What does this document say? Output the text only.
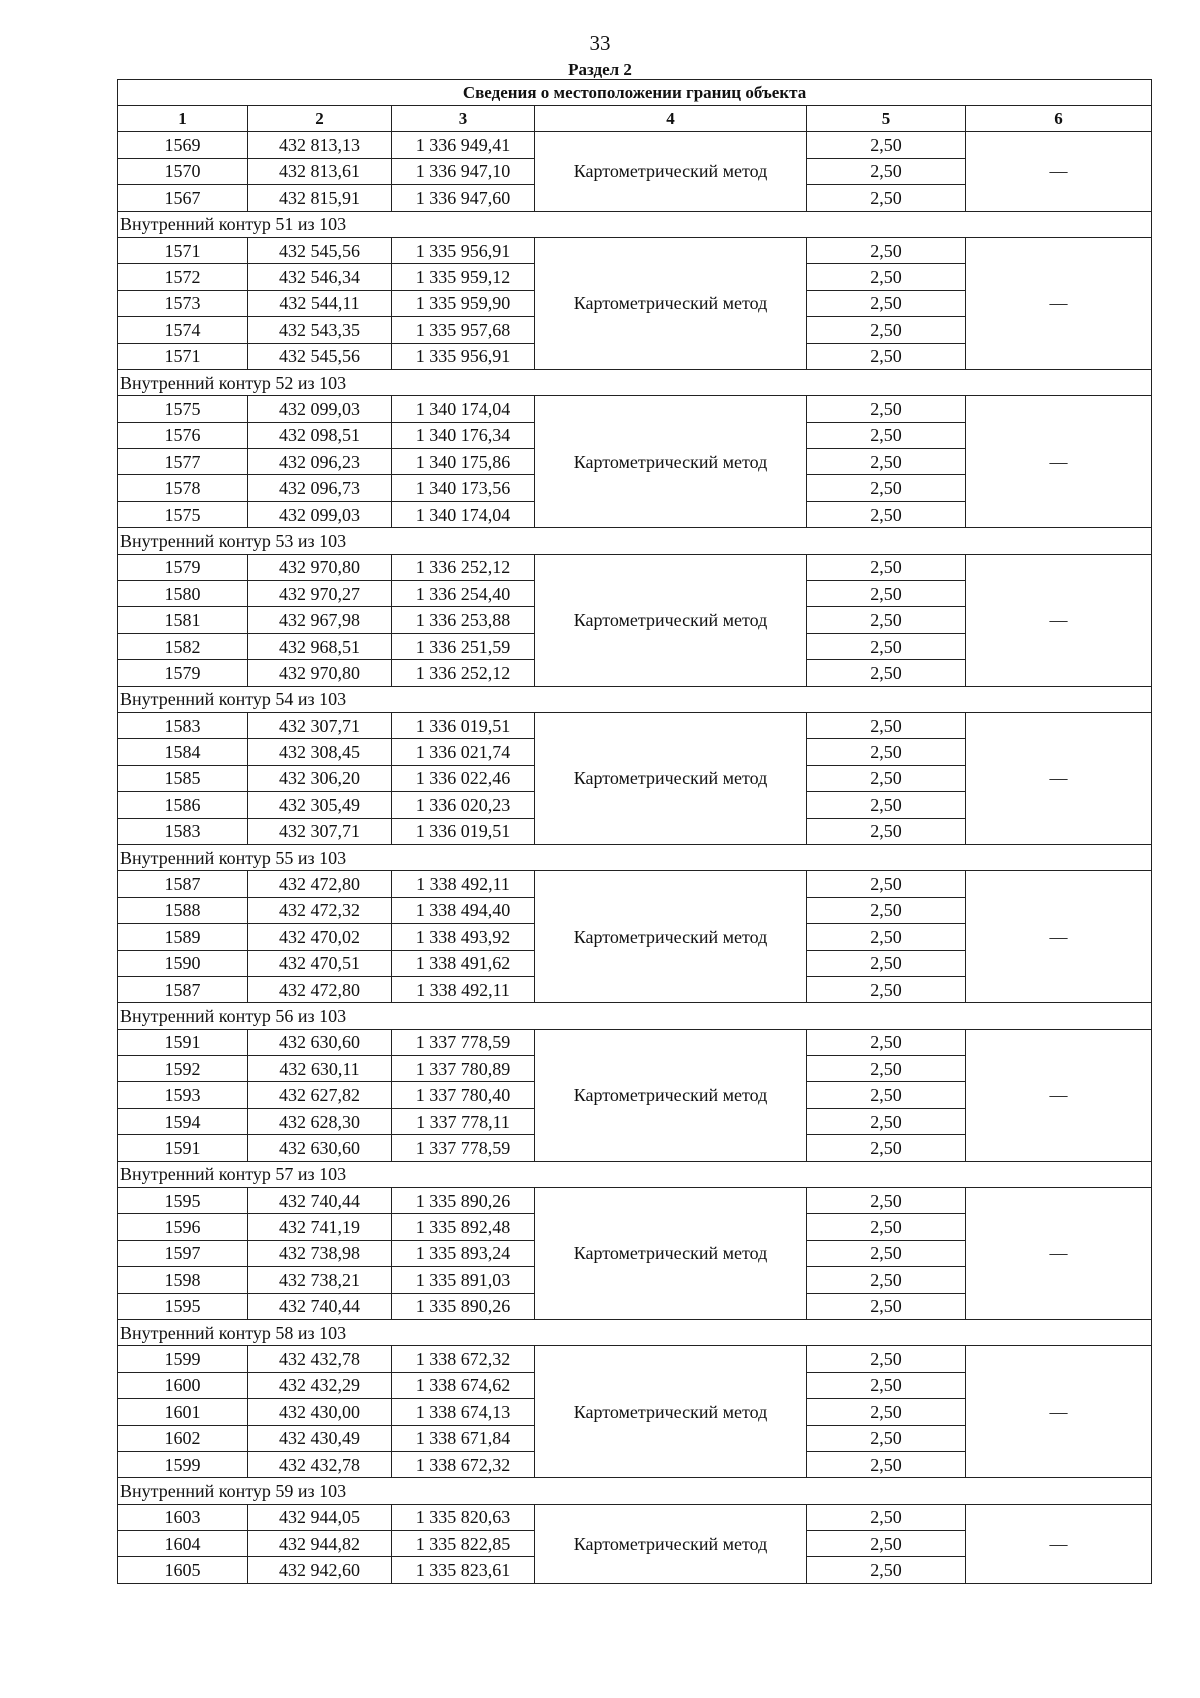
33
Раздел 2
Сведения о местоположении границ объекта					
1	2	3	4	5	6
1569	432 813,13	1 336 949,41	Картометрический метод	2,50	—
1570	432 813,61	1 336 947,10		2,50	
1567	432 815,91	1 336 947,60		2,50	
Внутренний контур 51 из 103					
1571	432 545,56	1 335 956,91	Картометрический метод	2,50	—
1572	432 546,34	1 335 959,12		2,50	
1573	432 544,11	1 335 959,90		2,50	
1574	432 543,35	1 335 957,68		2,50	
1571	432 545,56	1 335 956,91		2,50	
Внутренний контур 52 из 103					
1575	432 099,03	1 340 174,04	Картометрический метод	2,50	—
1576	432 098,51	1 340 176,34		2,50	
1577	432 096,23	1 340 175,86		2,50	
1578	432 096,73	1 340 173,56		2,50	
1575	432 099,03	1 340 174,04		2,50	
Внутренний контур 53 из 103					
1579	432 970,80	1 336 252,12	Картометрический метод	2,50	—
1580	432 970,27	1 336 254,40		2,50	
1581	432 967,98	1 336 253,88		2,50	
1582	432 968,51	1 336 251,59		2,50	
1579	432 970,80	1 336 252,12		2,50	
Внутренний контур 54 из 103					
1583	432 307,71	1 336 019,51	Картометрический метод	2,50	—
1584	432 308,45	1 336 021,74		2,50	
1585	432 306,20	1 336 022,46		2,50	
1586	432 305,49	1 336 020,23		2,50	
1583	432 307,71	1 336 019,51		2,50	
Внутренний контур 55 из 103					
1587	432 472,80	1 338 492,11	Картометрический метод	2,50	—
1588	432 472,32	1 338 494,40		2,50	
1589	432 470,02	1 338 493,92		2,50	
1590	432 470,51	1 338 491,62		2,50	
1587	432 472,80	1 338 492,11		2,50	
Внутренний контур 56 из 103					
1591	432 630,60	1 337 778,59	Картометрический метод	2,50	—
1592	432 630,11	1 337 780,89		2,50	
1593	432 627,82	1 337 780,40		2,50	
1594	432 628,30	1 337 778,11		2,50	
1591	432 630,60	1 337 778,59		2,50	
Внутренний контур 57 из 103					
1595	432 740,44	1 335 890,26	Картометрический метод	2,50	—
1596	432 741,19	1 335 892,48		2,50	
1597	432 738,98	1 335 893,24		2,50	
1598	432 738,21	1 335 891,03		2,50	
1595	432 740,44	1 335 890,26		2,50	
Внутренний контур 58 из 103					
1599	432 432,78	1 338 672,32	Картометрический метод	2,50	—
1600	432 432,29	1 338 674,62		2,50	
1601	432 430,00	1 338 674,13		2,50	
1602	432 430,49	1 338 671,84		2,50	
1599	432 432,78	1 338 672,32		2,50	
Внутренний контур 59 из 103					
1603	432 944,05	1 335 820,63	Картометрический метод	2,50	—
1604	432 944,82	1 335 822,85		2,50	
1605	432 942,60	1 335 823,61		2,50	
